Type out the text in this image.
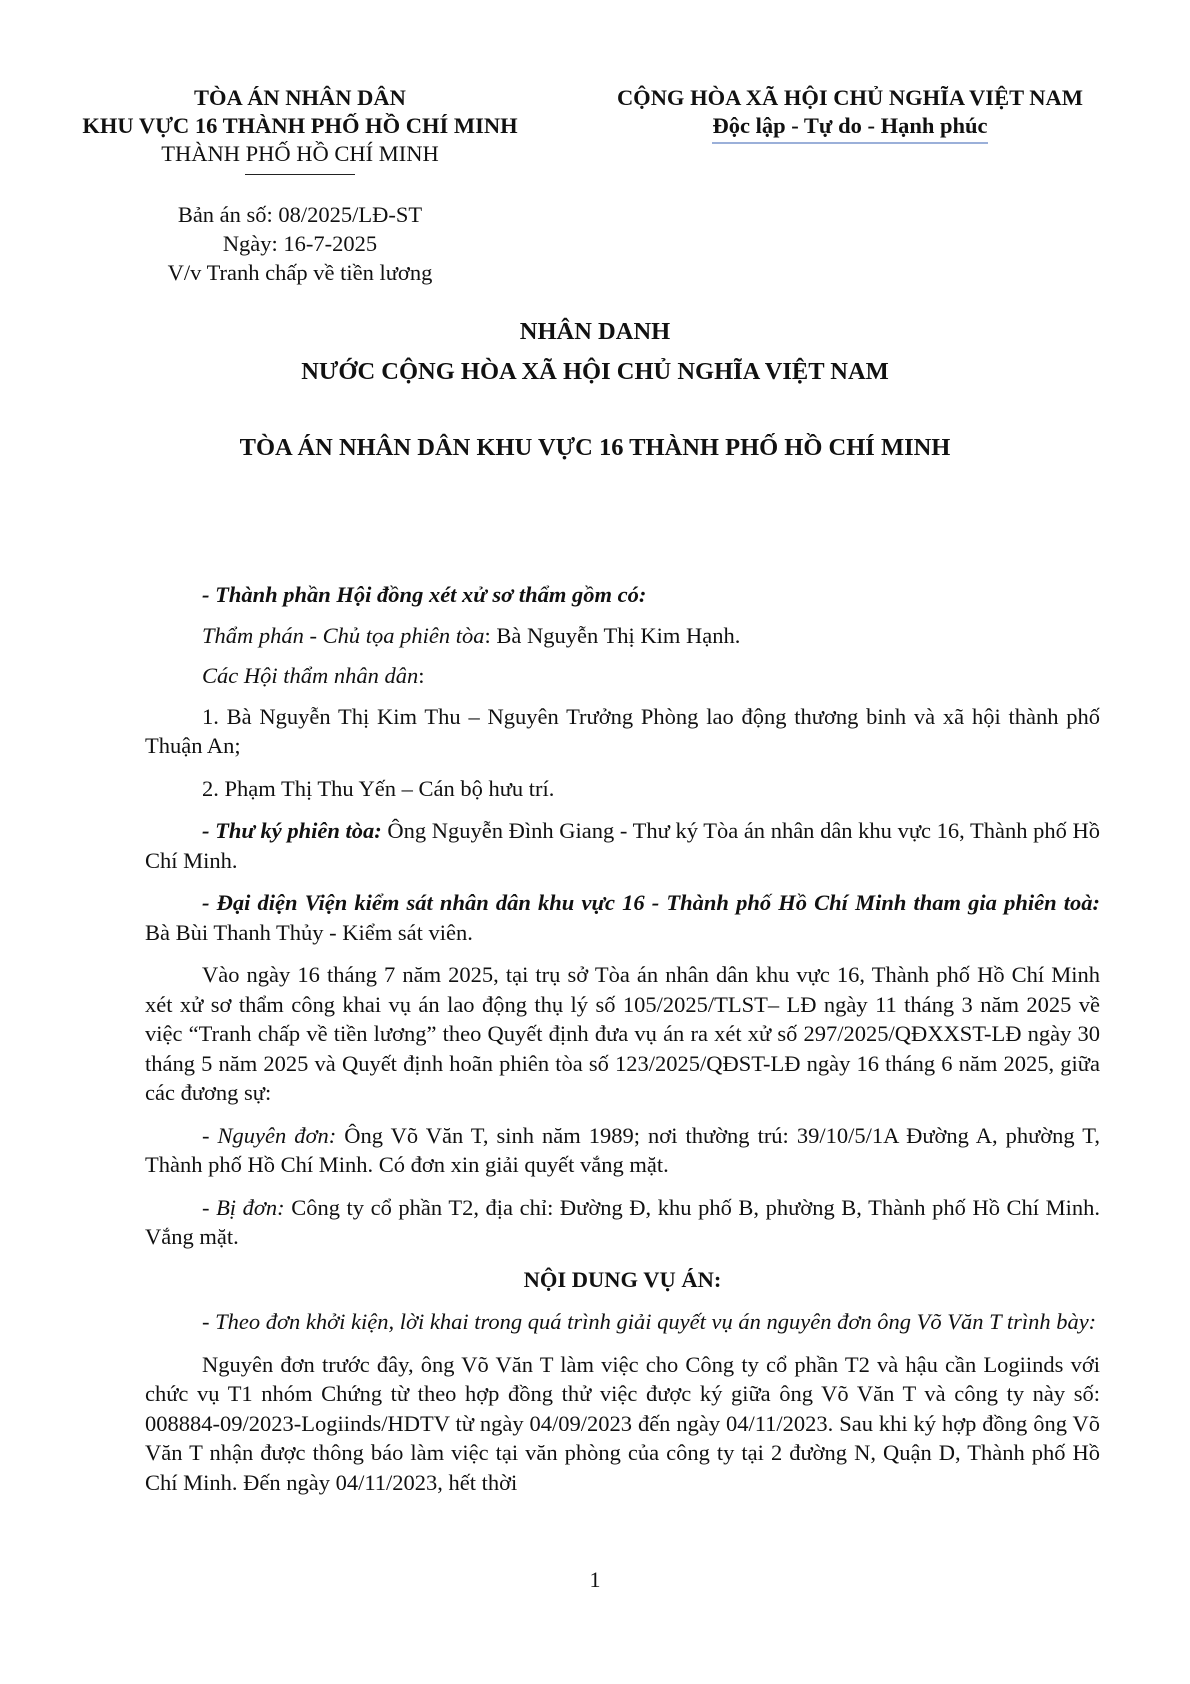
TÒA ÁN NHÂN DÂN
KHU VỰC 16 THÀNH PHỐ HỒ CHÍ MINH
THÀNH PHỐ HỒ CHÍ MINH
CỘNG HÒA XÃ HỘI CHỦ NGHĨA VIỆT NAM
Độc lập - Tự do - Hạnh phúc
Bản án số: 08/2025/LĐ-ST
Ngày: 16-7-2025
V/v Tranh chấp về tiền lương
NHÂN DANH
NƯỚC CỘNG HÒA XÃ HỘI CHỦ NGHĨA VIỆT NAM
TÒA ÁN NHÂN DÂN KHU VỰC 16 THÀNH PHỐ HỒ CHÍ MINH

- Thành phần Hội đồng xét xử sơ thẩm gồm có:

Thẩm phán - Chủ tọa phiên tòa: Bà Nguyễn Thị Kim Hạnh.

Các Hội thẩm nhân dân:

1. Bà Nguyễn Thị Kim Thu – Nguyên Trưởng Phòng lao động thương binh và xã hội thành phố Thuận An;

2. Phạm Thị Thu Yến – Cán bộ hưu trí.

- Thư ký phiên tòa: Ông Nguyễn Đình Giang - Thư ký Tòa án nhân dân khu vực 16, Thành phố Hồ Chí Minh.

- Đại diện Viện kiểm sát nhân dân khu vực 16 - Thành phố Hồ Chí Minh tham gia phiên toà: Bà Bùi Thanh Thủy - Kiểm sát viên.

Vào ngày 16 tháng 7 năm 2025, tại trụ sở Tòa án nhân dân khu vực 16, Thành phố Hồ Chí Minh xét xử sơ thẩm công khai vụ án lao động thụ lý số 105/2025/TLST– LĐ ngày 11 tháng 3 năm 2025 về việc “Tranh chấp về tiền lương” theo Quyết định đưa vụ án ra xét xử số 297/2025/QĐXXST-LĐ ngày 30 tháng 5 năm 2025 và Quyết định hoãn phiên tòa số 123/2025/QĐST-LĐ ngày 16 tháng 6 năm 2025, giữa các đương sự:

- Nguyên đơn: Ông Võ Văn T, sinh năm 1989; nơi thường trú: 39/10/5/1A Đường A, phường T, Thành phố Hồ Chí Minh. Có đơn xin giải quyết vắng mặt.

- Bị đơn: Công ty cổ phần T2, địa chỉ: Đường Đ, khu phố B, phường B, Thành phố Hồ Chí Minh. Vắng mặt.

NỘI DUNG VỤ ÁN:

- Theo đơn khởi kiện, lời khai trong quá trình giải quyết vụ án nguyên đơn ông Võ Văn T trình bày:

Nguyên đơn trước đây, ông Võ Văn T làm việc cho Công ty cổ phần T2 và hậu cần Logiinds với chức vụ T1 nhóm Chứng từ theo hợp đồng thử việc được ký giữa ông Võ Văn T và công ty này số: 008884-09/2023-Logiinds/HDTV từ ngày 04/09/2023 đến ngày 04/11/2023. Sau khi ký hợp đồng ông Võ Văn T nhận được thông báo làm việc tại văn phòng của công ty tại 2 đường N, Quận D, Thành phố Hồ Chí Minh. Đến ngày 04/11/2023, hết thời

1
